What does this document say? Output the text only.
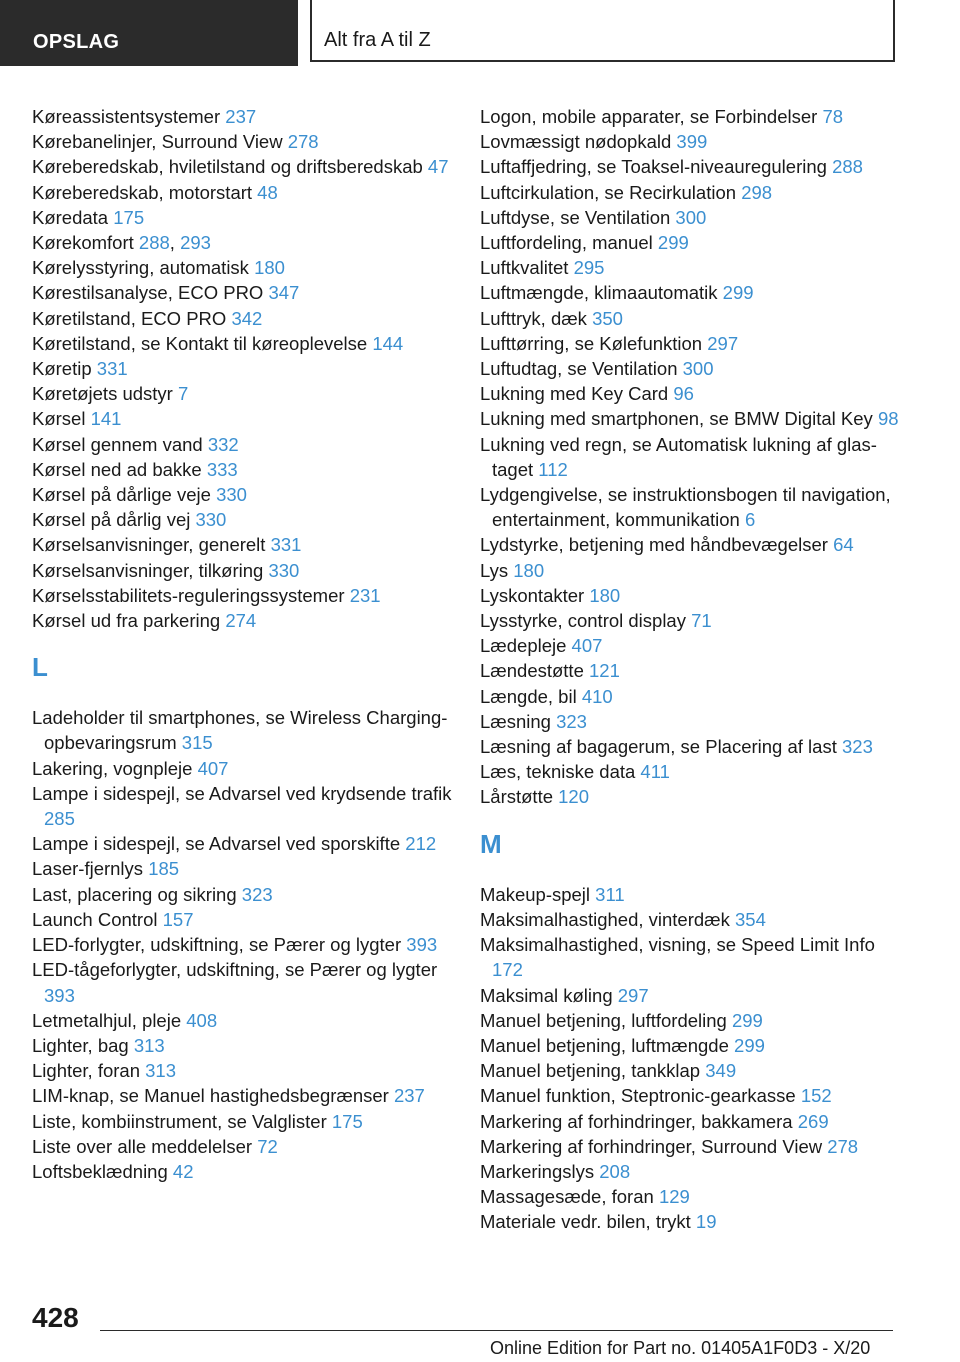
OPSLAG	Alt fra A til Z
Køreassistentsystemer 237
Kørebanelinjer, Surround View 278
Køreberedskab, hviletilstand og driftsberedskab 47
Køreberedskab, motorstart 48
Køredata 175
Kørekomfort 288, 293
Kørelysstyring, automatisk 180
Kørestilsanalyse, ECO PRO 347
Køretilstand, ECO PRO 342
Køretilstand, se Kontakt til køreoplevelse 144
Køretip 331
Køretøjets udstyr 7
Kørsel 141
Kørsel gennem vand 332
Kørsel ned ad bakke 333
Kørsel på dårlige veje 330
Kørsel på dårlig vej 330
Kørselsanvisninger, generelt 331
Kørselsanvisninger, tilkøring 330
Kørselsstabilitets-reguleringssystemer 231
Kørsel ud fra parkering 274
L
Ladeholder til smartphones, se Wireless Charging-opbevaringsrum 315
Lakering, vognpleje 407
Lampe i sidespejl, se Advarsel ved krydsende trafik 285
Lampe i sidespejl, se Advarsel ved sporskifte 212
Laser-fjernlys 185
Last, placering og sikring 323
Launch Control 157
LED-forlygter, udskiftning, se Pærer og lygter 393
LED-tågeforlygter, udskiftning, se Pærer og lygter 393
Letmetalhjul, pleje 408
Lighter, bag 313
Lighter, foran 313
LIM-knap, se Manuel hastighedsbegrænser 237
Liste, kombiinstrument, se Valglister 175
Liste over alle meddelelser 72
Loftsbeklædning 42
Logon, mobile apparater, se Forbindelser 78
Lovmæssigt nødopkald 399
Luftaffjedring, se Toaksel-niveauregulering 288
Luftcirkulation, se Recirkulation 298
Luftdyse, se Ventilation 300
Luftfordeling, manuel 299
Luftkvalitet 295
Luftmængde, klimaautomatik 299
Lufttryk, dæk 350
Lufttørring, se Kølefunktion 297
Luftudtag, se Ventilation 300
Lukning med Key Card 96
Lukning med smartphonen, se BMW Digital Key 98
Lukning ved regn, se Automatisk lukning af glastaget 112
Lydgengivelse, se instruktionsbogen til navigation, entertainment, kommunikation 6
Lydstyrke, betjening med håndbevægelser 64
Lys 180
Lyskontakter 180
Lysstyrke, control display 71
Lædepleje 407
Lændestøtte 121
Længde, bil 410
Læsning 323
Læsning af bagagerum, se Placering af last 323
Læs, tekniske data 411
Lårstøtte 120
M
Makeup-spejl 311
Maksimalhastighed, vinterdæk 354
Maksimalhastighed, visning, se Speed Limit Info 172
Maksimal køling 297
Manuel betjening, luftfordeling 299
Manuel betjening, luftmængde 299
Manuel betjening, tankklap 349
Manuel funktion, Steptronic-gearkasse 152
Markering af forhindringer, bakkamera 269
Markering af forhindringer, Surround View 278
Markeringslys 208
Massagesæde, foran 129
Materiale vedr. bilen, trykt 19
428
Online Edition for Part no. 01405A1F0D3 - X/20
